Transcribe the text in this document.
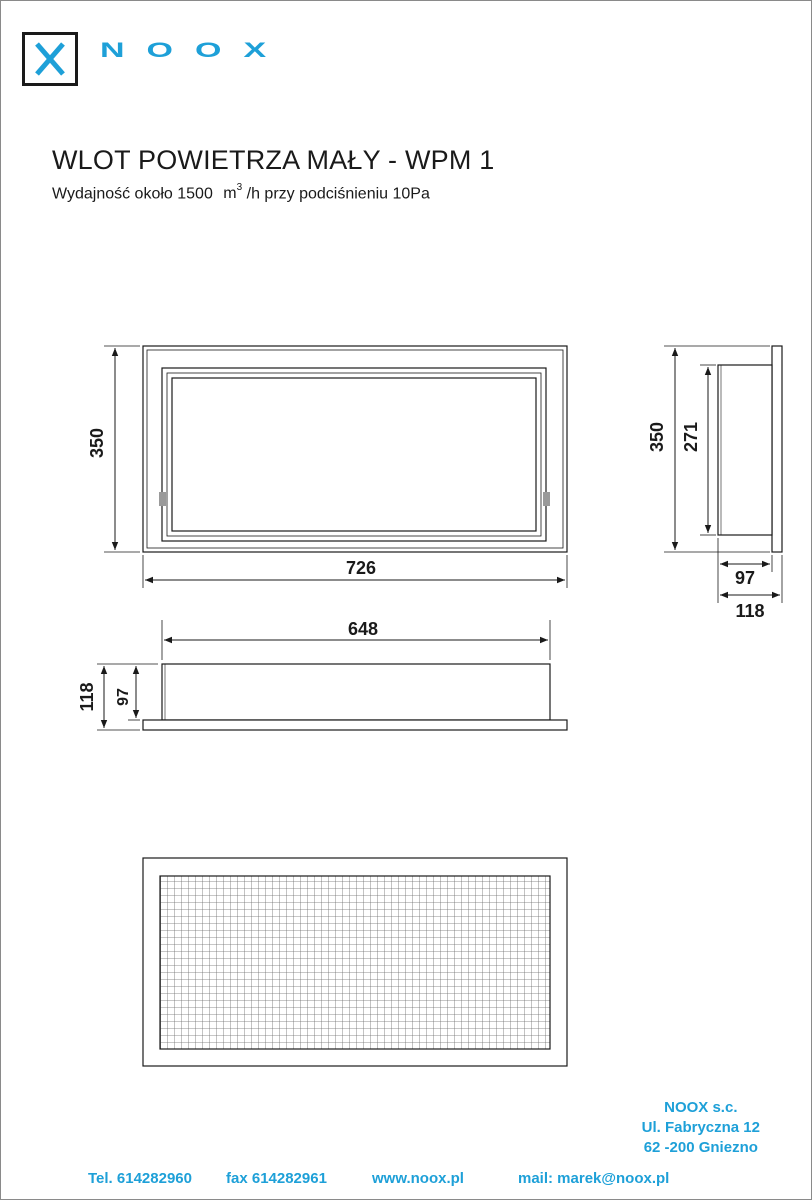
NOOX
WLOT POWIETRZA MAŁY - WPM 1
Wydajność około 1500 $m^3$ /h przy podciśnieniu 10Pa
350
726
350 271
97
118
648
118 97
NOOX s.c.
Ul. Fabryczna 12
62 -200 Gniezno
Tel. 614282960 fax 614282961	www.noox.pl	mail: marek@noox.pl
